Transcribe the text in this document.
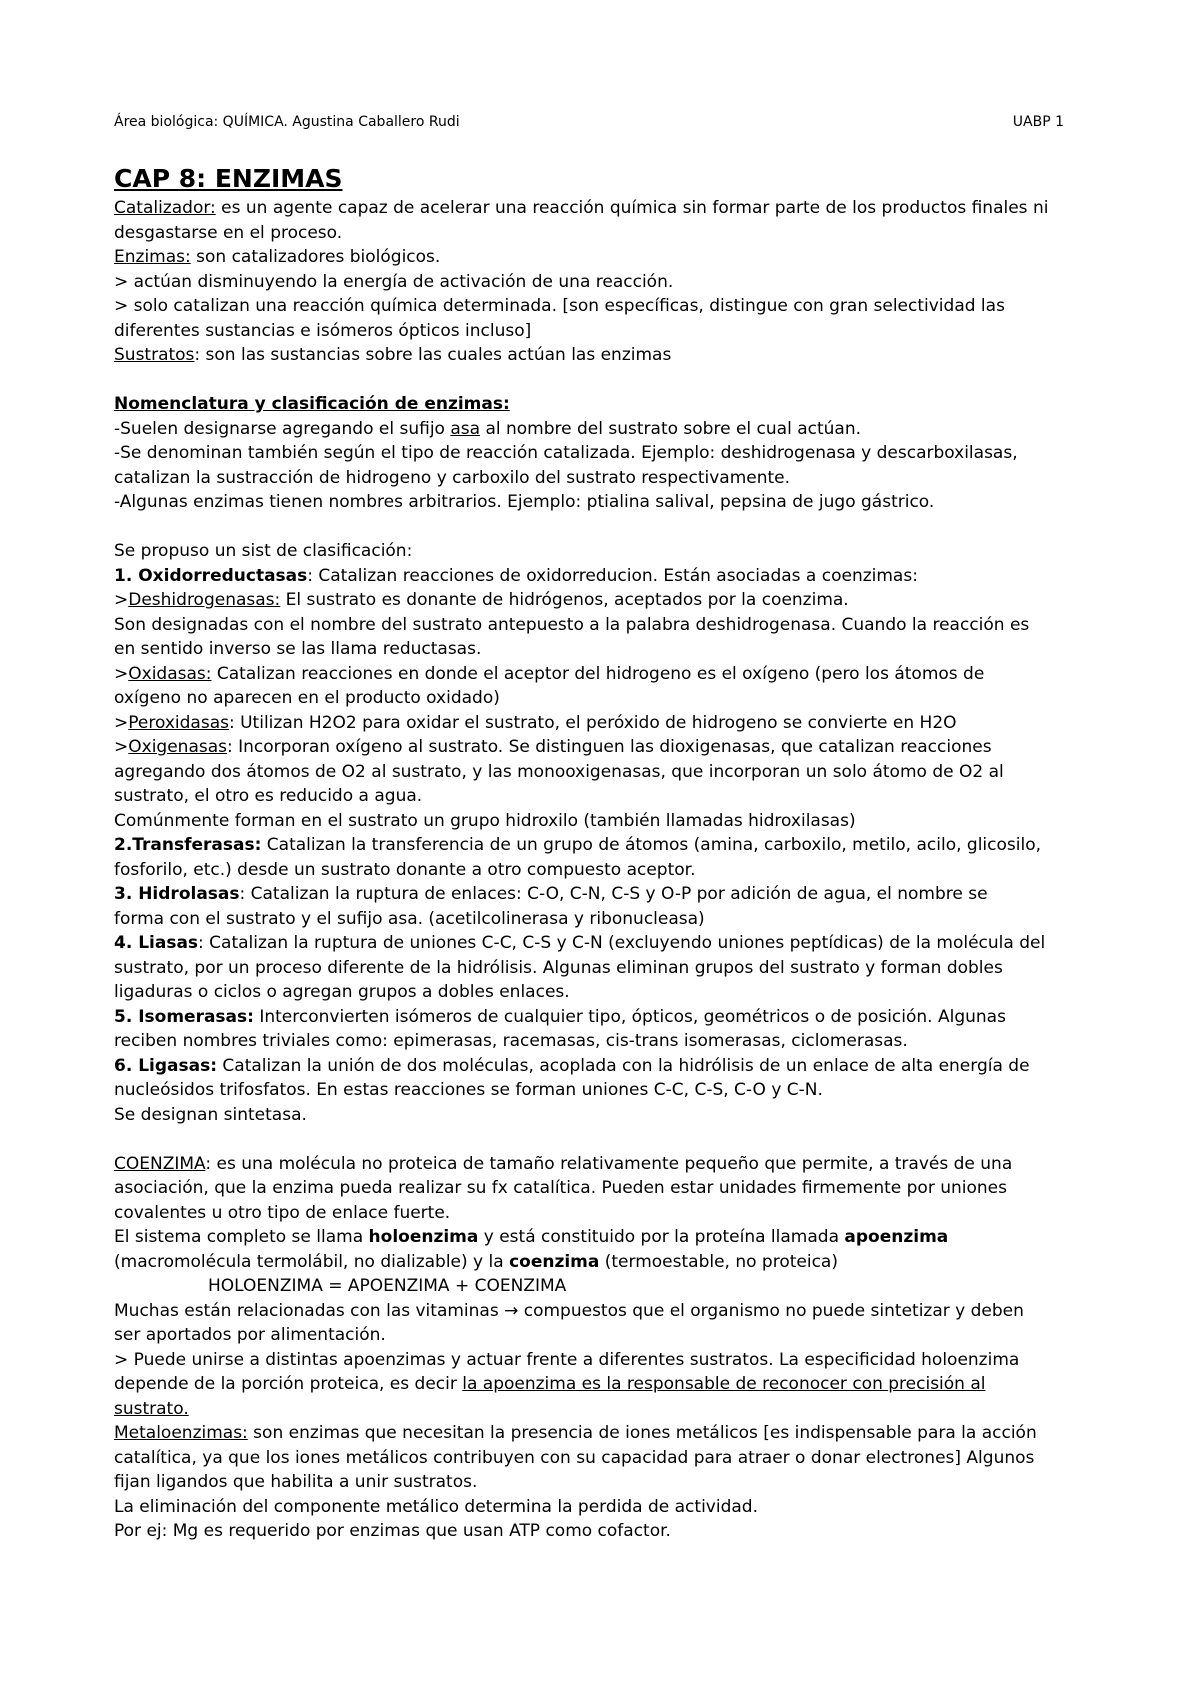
Área biológica: QUÍMICA. Agustina Caballero Rudi	UABP 1
CAP 8: ENZIMAS
Catalizador: es un agente capaz de acelerar una reacción química sin formar parte de los productos finales ni
desgastarse en el proceso.
Enzimas: son catalizadores biológicos.
> actúan disminuyendo la energía de activación de una reacción.
> solo catalizan una reacción química determinada. [son específicas, distingue con gran selectividad las
diferentes sustancias e isómeros ópticos incluso]
Sustratos: son las sustancias sobre las cuales actúan las enzimas
Nomenclatura y clasificación de enzimas:
-Suelen designarse agregando el sufijo asa al nombre del sustrato sobre el cual actúan.
-Se denominan también según el tipo de reacción catalizada. Ejemplo: deshidrogenasa y descarboxilasas,
catalizan la sustracción de hidrogeno y carboxilo del sustrato respectivamente.
-Algunas enzimas tienen nombres arbitrarios. Ejemplo: ptialina salival, pepsina de jugo gástrico.
Se propuso un sist de clasificación:
1. Oxidorreductasas: Catalizan reacciones de oxidorreducion. Están asociadas a coenzimas:
>Deshidrogenasas: El sustrato es donante de hidrógenos, aceptados por la coenzima.
Son designadas con el nombre del sustrato antepuesto a la palabra deshidrogenasa. Cuando la reacción es
en sentido inverso se las llama reductasas.
>Oxidasas: Catalizan reacciones en donde el aceptor del hidrogeno es el oxígeno (pero los átomos de
oxígeno no aparecen en el producto oxidado)
>Peroxidasas: Utilizan H2O2 para oxidar el sustrato, el peróxido de hidrogeno se convierte en H2O
>Oxigenasas: Incorporan oxígeno al sustrato. Se distinguen las dioxigenasas, que catalizan reacciones
agregando dos átomos de O2 al sustrato, y las monooxigenasas, que incorporan un solo átomo de O2 al
sustrato, el otro es reducido a agua.
Comúnmente forman en el sustrato un grupo hidroxilo (también llamadas hidroxilasas)
2.Transferasas: Catalizan la transferencia de un grupo de átomos (amina, carboxilo, metilo, acilo, glicosilo,
fosforilo, etc.) desde un sustrato donante a otro compuesto aceptor.
3. Hidrolasas: Catalizan la ruptura de enlaces: C-O, C-N, C-S y O-P por adición de agua, el nombre se
forma con el sustrato y el sufijo asa. (acetilcolinerasa y ribonucleasa)
4. Liasas: Catalizan la ruptura de uniones C-C, C-S y C-N (excluyendo uniones peptídicas) de la molécula del
sustrato, por un proceso diferente de la hidrólisis. Algunas eliminan grupos del sustrato y forman dobles
ligaduras o ciclos o agregan grupos a dobles enlaces.
5. Isomerasas: Interconvierten isómeros de cualquier tipo, ópticos, geométricos o de posición. Algunas
reciben nombres triviales como: epimerasas, racemasas, cis-trans isomerasas, ciclomerasas.
6. Ligasas: Catalizan la unión de dos moléculas, acoplada con la hidrólisis de un enlace de alta energía de
nucleósidos trifosfatos. En estas reacciones se forman uniones C-C, C-S, C-O y C-N.
Se designan sintetasa.
COENZIMA: es una molécula no proteica de tamaño relativamente pequeño que permite, a través de una
asociación, que la enzima pueda realizar su fx catalítica. Pueden estar unidades firmemente por uniones
covalentes u otro tipo de enlace fuerte.
El sistema completo se llama holoenzima y está constituido por la proteína llamada apoenzima
(macromolécula termolábil, no dializable) y la coenzima (termoestable, no proteica)
HOLOENZIMA = APOENZIMA + COENZIMA
Muchas están relacionadas con las vitaminas → compuestos que el organismo no puede sintetizar y deben
ser aportados por alimentación.
> Puede unirse a distintas apoenzimas y actuar frente a diferentes sustratos. La especificidad holoenzima
depende de la porción proteica, es decir la apoenzima es la responsable de reconocer con precisión al
sustrato.
Metaloenzimas: son enzimas que necesitan la presencia de iones metálicos [es indispensable para la acción
catalítica, ya que los iones metálicos contribuyen con su capacidad para atraer o donar electrones] Algunos
fijan ligandos que habilita a unir sustratos.
La eliminación del componente metálico determina la perdida de actividad.
Por ej: Mg es requerido por enzimas que usan ATP como cofactor.
